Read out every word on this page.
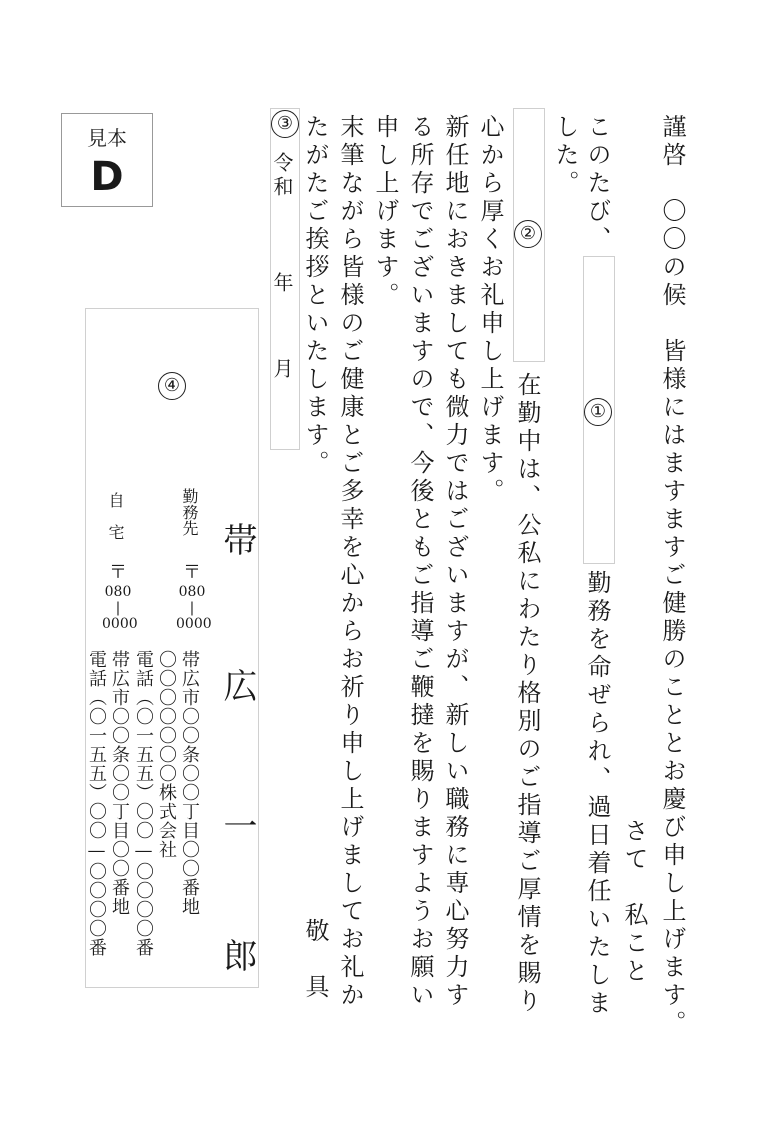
見本
D	謹啓　〇〇の候　皆様にはますますご健勝のこととお慶び申し上げます。
さて　私こと
このたび、
①
勤務を命ぜられ、過日着任いたしま
した。
②
在勤中は、公私にわたり格別のご指導ご厚情を賜り
心から厚くお礼申し上げます。
新任地におきましても微力ではございますが、新しい職務に専心努力す
る所存でございますので、今後ともご指導ご鞭撻を賜りますようお願い
申し上げます。
末筆ながら皆様のご健康とご多幸を心からお祈り申し上げましてお礼か
たがたご挨拶といたします。
敬　具
③
令和
年
月
④
帯
広
一
郎
勤務先
〒
080
|
0000
帯広市〇〇条〇〇丁目〇〇番地
〇〇〇〇〇〇〇株式会社
電話（〇一五五）〇〇—〇〇〇〇番
自　宅
〒
080
|
0000
帯広市〇〇条〇〇丁目〇〇番地
電話（〇一五五）〇〇—〇〇〇〇番
